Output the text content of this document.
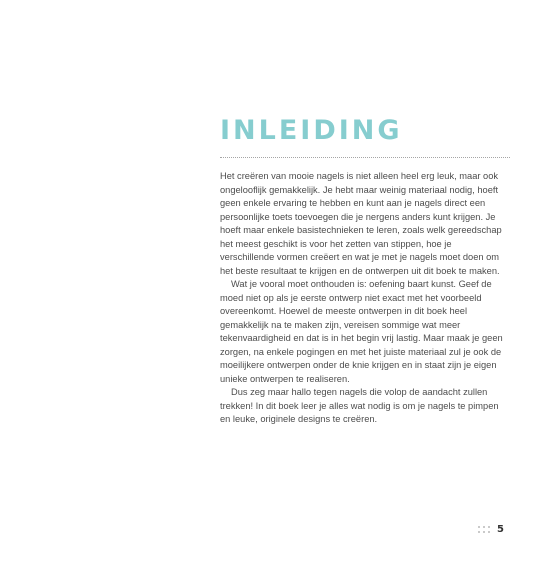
INLEIDING

Het creëren van mooie nagels is niet alleen heel erg leuk, maar ook ongelooflijk gemakkelijk. Je hebt maar weinig materiaal nodig, hoeft geen enkele ervaring te hebben en kunt aan je nagels direct een persoonlijke toets toevoegen die je nergens anders kunt krijgen. Je hoeft maar enkele basistechnieken te leren, zoals welk gereedschap het meest geschikt is voor het zetten van stippen, hoe je verschillende vormen creëert en wat je met je nagels moet doen om het beste resultaat te krijgen en de ontwerpen uit dit boek te maken.

Wat je vooral moet onthouden is: oefening baart kunst. Geef de moed niet op als je eerste ontwerp niet exact met het voorbeeld overeenkomt. Hoewel de meeste ontwerpen in dit boek heel gemakkelijk na te maken zijn, vereisen sommige wat meer tekenvaardigheid en dat is in het begin vrij lastig. Maar maak je geen zorgen, na enkele pogingen en met het juiste materiaal zul je ook de moeilijkere ontwerpen onder de knie krijgen en in staat zijn je eigen unieke ontwerpen te realiseren.

Dus zeg maar hallo tegen nagels die volop de aandacht zullen trekken! In dit boek leer je alles wat nodig is om je nagels te pimpen en leuke, originele designs te creëren.

5
